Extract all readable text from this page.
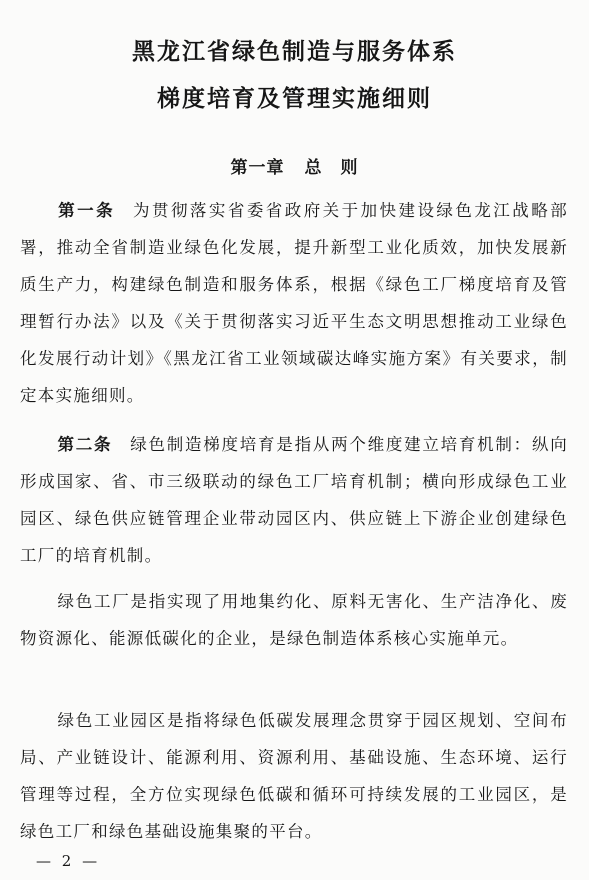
黑龙江省绿色制造与服务体系
梯度培育及管理实施细则
第一章 总　则
第一条 为贯彻落实省委省政府关于加快建设绿色龙江战略部署，推动全省制造业绿色化发展，提升新型工业化质效，加快发展新质生产力，构建绿色制造和服务体系，根据《绿色工厂梯度培育及管理暂行办法》以及《关于贯彻落实习近平生态文明思想推动工业绿色化发展行动计划》《黑龙江省工业领域碳达峰实施方案》有关要求，制定本实施细则。
第二条 绿色制造梯度培育是指从两个维度建立培育机制：纵向形成国家、省、市三级联动的绿色工厂培育机制；横向形成绿色工业园区、绿色供应链管理企业带动园区内、供应链上下游企业创建绿色工厂的培育机制。
绿色工厂是指实现了用地集约化、原料无害化、生产洁净化、废物资源化、能源低碳化的企业，是绿色制造体系核心实施单元。
绿色工业园区是指将绿色低碳发展理念贯穿于园区规划、空间布局、产业链设计、能源利用、资源利用、基础设施、生态环境、运行管理等过程，全方位实现绿色低碳和循环可持续发展的工业园区，是绿色工厂和绿色基础设施集聚的平台。
— 2 —
